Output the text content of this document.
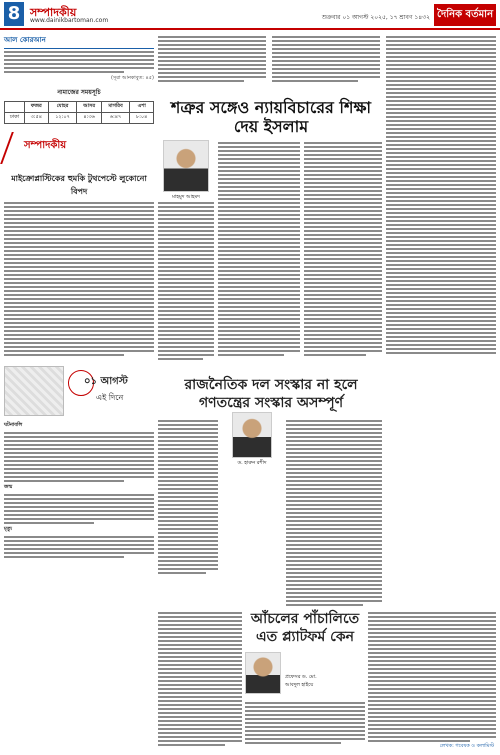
8 সম্পাদকীয়
www.dainikbartoman.com	শুক্রবার ০১ আগস্ট ২০২৫, ১৭ শ্রাবণ ১৪৩২ দৈনিক বর্তমান
আল কোরআন
(সূরা আনকাবুত: ৪৫)
নামাজের সময়সূচি
	ফজর	যোহর	আসর	মাগরিব	এশা
ঢাকা	৩:৫৪	১২:০৭	৪:৩৬	৬:৪৭	৮:০৪
সম্পাদকীয়
মাইক্রোপ্লাস্টিকের হুমকি টুথপেস্টে লুকোনো বিপদ
০১ আগস্ট
এই দিনে
ঘটনাবলি
জন্ম
মৃত্যু
শত্রুর সঙ্গেও ন্যায়বিচারের শিক্ষা দেয় ইসলাম
মাহমুদ আহমদ
রাজনৈতিক দল সংস্কার না হলে গণতন্ত্রের সংস্কার অসম্পূর্ণ
ড. হারুন রশীদ
আঁচলের পাঁচালিতে এত প্ল্যাটফর্ম কেন
প্রফেসর ড. মো. আবদুল হাইয়ে
লেখক: গবেষক ও কলামিস্ট
